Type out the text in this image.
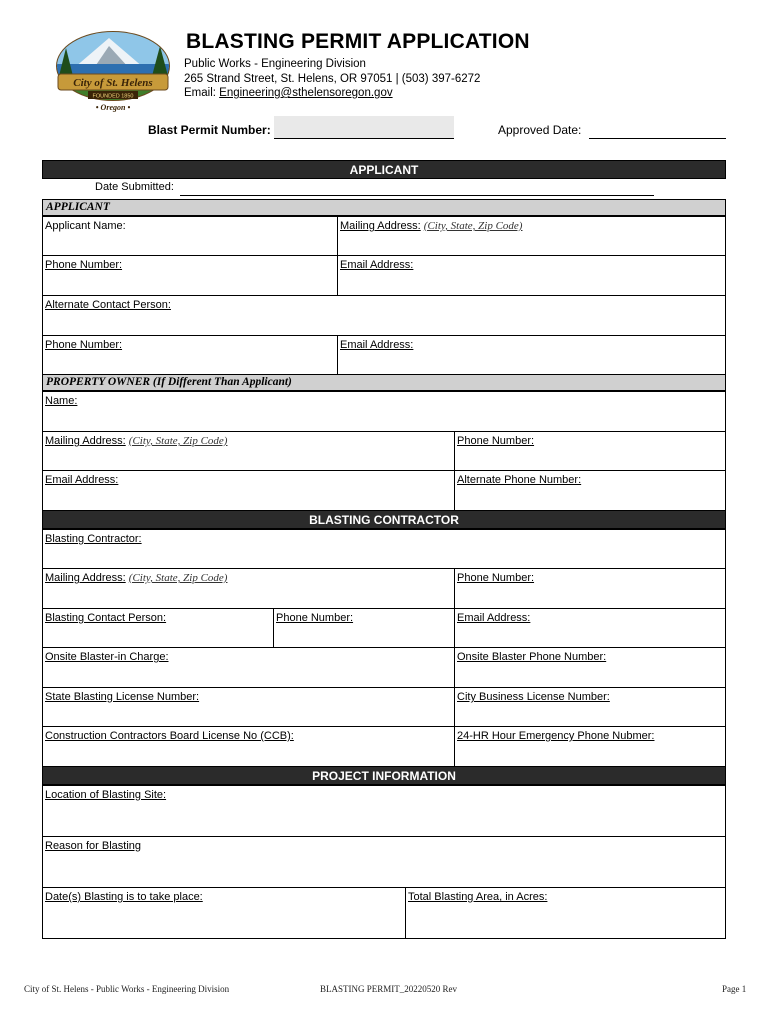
City of St. Helens
FOUNDED 1850
• Oregon •
BLASTING PERMIT APPLICATION
Public Works - Engineering Division
265 Strand Street, St. Helens, OR 97051 | (503) 397-6272
Email: Engineering@sthelensoregon.gov
Blast Permit Number:	Approved Date:
APPLICANT
Date Submitted:
APPLICANT
Applicant Name:	Mailing Address: (City, State, Zip Code)
Phone Number:	Email Address:
Alternate Contact Person:
Phone Number:	Email Address:
PROPERTY OWNER (If Different Than Applicant)
Name:
Mailing Address: (City, State, Zip Code)	Phone Number:
Email Address:	Alternate Phone Number:
BLASTING CONTRACTOR
Blasting Contractor:
Mailing Address: (City, State, Zip Code)	Phone Number:
Blasting Contact Person:	Phone Number:	Email Address:
Onsite Blaster-in Charge:	Onsite Blaster Phone Number:
State Blasting License Number:	City Business License Number:
Construction Contractors Board License No (CCB):	24-HR Hour Emergency Phone Nubmer:
PROJECT INFORMATION
Location of Blasting Site:
Reason for Blasting
Date(s) Blasting is to take place:	Total Blasting Area, in Acres:
City of St. Helens - Public Works - Engineering Division	BLASTING PERMIT_20220520 Rev	Page 1
